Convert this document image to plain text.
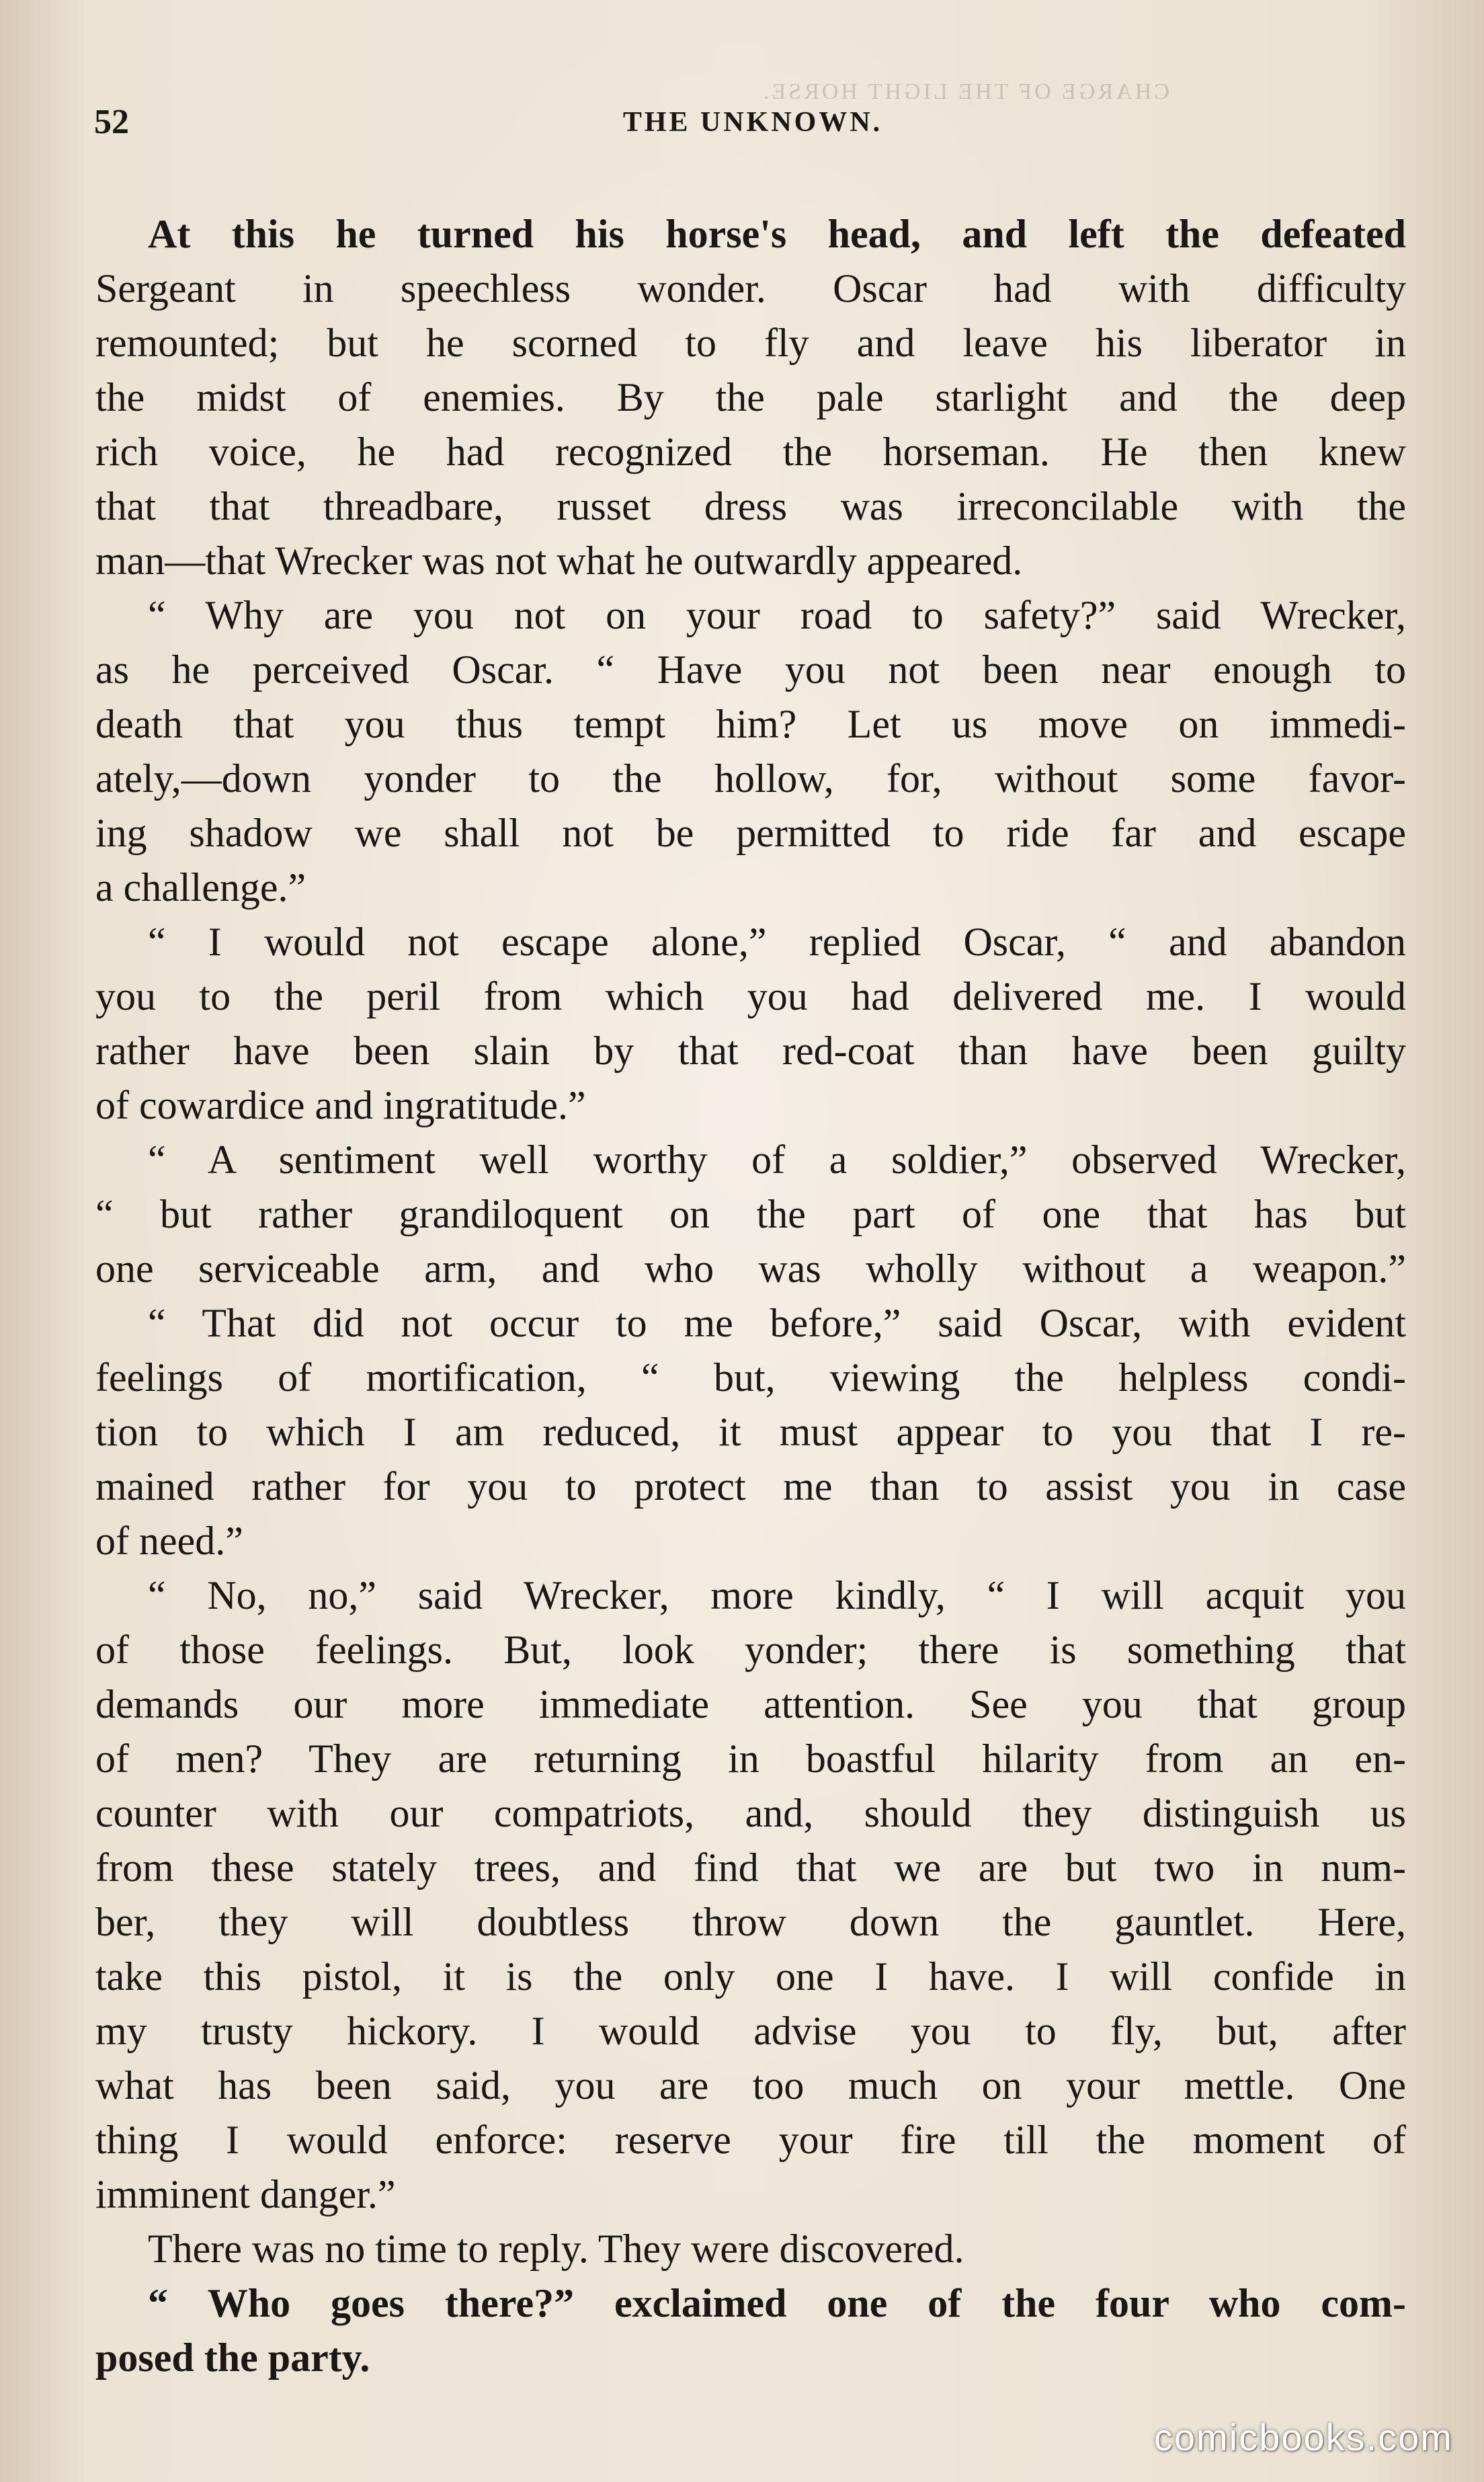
CHARGE OF THE LIGHT HORSE.
52	THE UNKNOWN.
At this he turned his horse's head, and left the defeated
Sergeant in speechless wonder. Oscar had with difficulty
remounted; but he scorned to fly and leave his liberator in
the midst of enemies. By the pale starlight and the deep
rich voice, he had recognized the horseman. He then knew
that that threadbare, russet dress was irreconcilable with the
man—that Wrecker was not what he outwardly appeared.
“ Why are you not on your road to safety?” said Wrecker,
as he perceived Oscar. “ Have you not been near enough to
death that you thus tempt him? Let us move on immedi-
ately,—down yonder to the hollow, for, without some favor-
ing shadow we shall not be permitted to ride far and escape
a challenge.”
“ I would not escape alone,” replied Oscar, “ and abandon
you to the peril from which you had delivered me. I would
rather have been slain by that red-coat than have been guilty
of cowardice and ingratitude.”
“ A sentiment well worthy of a soldier,” observed Wrecker,
“ but rather grandiloquent on the part of one that has but
one serviceable arm, and who was wholly without a weapon.”
“ That did not occur to me before,” said Oscar, with evident
feelings of mortification, “ but, viewing the helpless condi-
tion to which I am reduced, it must appear to you that I re-
mained rather for you to protect me than to assist you in case
of need.”
“ No, no,” said Wrecker, more kindly, “ I will acquit you
of those feelings. But, look yonder; there is something that
demands our more immediate attention. See you that group
of men? They are returning in boastful hilarity from an en-
counter with our compatriots, and, should they distinguish us
from these stately trees, and find that we are but two in num-
ber, they will doubtless throw down the gauntlet. Here,
take this pistol, it is the only one I have. I will confide in
my trusty hickory. I would advise you to fly, but, after
what has been said, you are too much on your mettle. One
thing I would enforce: reserve your fire till the moment of
imminent danger.”
There was no time to reply. They were discovered.
“ Who goes there?” exclaimed one of the four who com-
posed the party.
comicbooks.com
